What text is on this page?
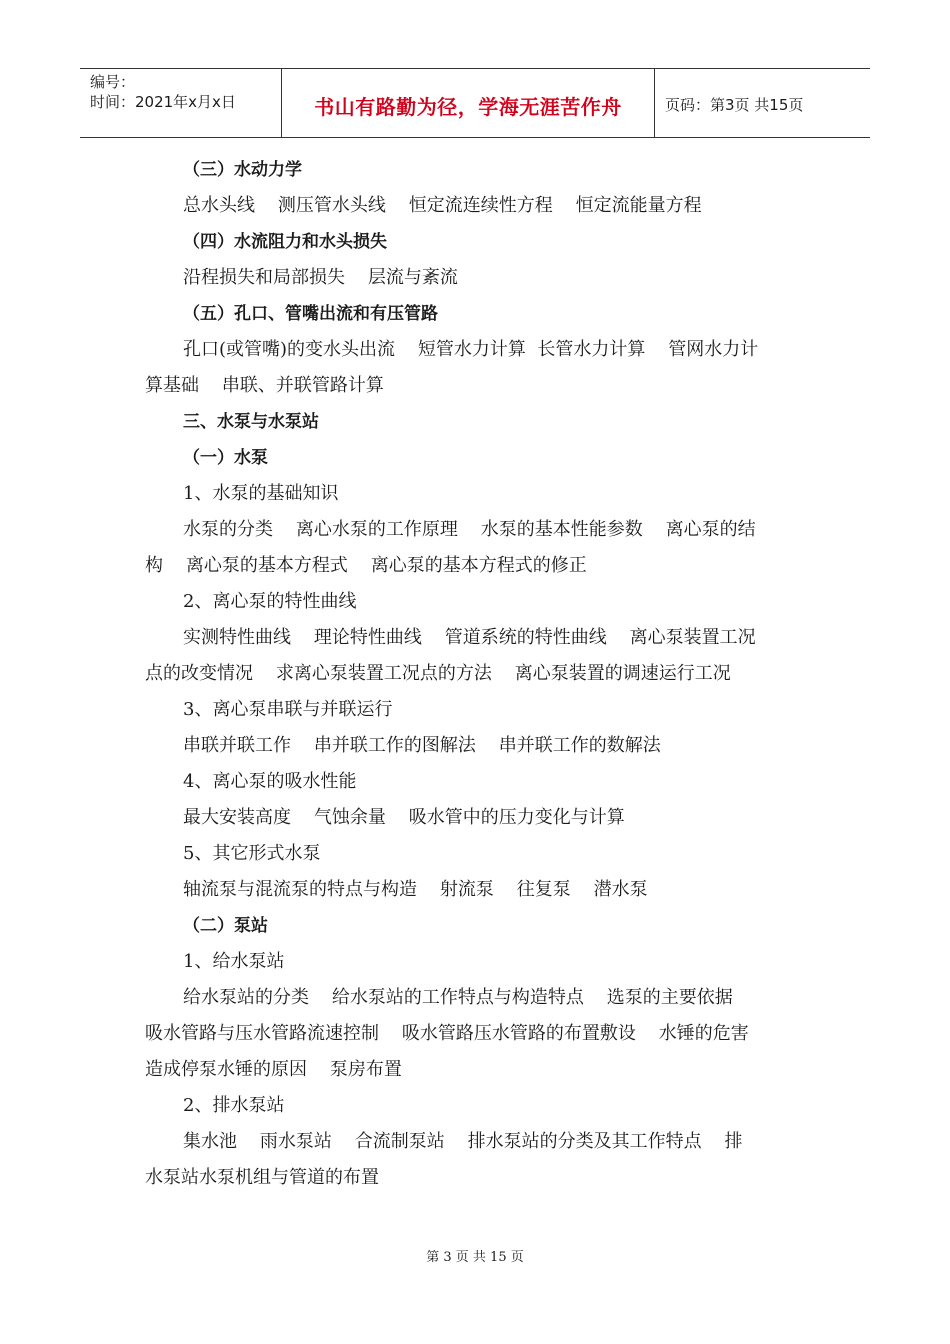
编号：
时间：2021年x月x日	书山有路勤为径，学海无涯苦作舟	页码：第3页 共15页
（三）水动力学
总水头线    测压管水头线    恒定流连续性方程    恒定流能量方程
（四）水流阻力和水头损失
沿程损失和局部损失    层流与紊流
（五）孔口、管嘴出流和有压管路
孔口(或管嘴)的变水头出流    短管水力计算  长管水力计算    管网水力计
算基础    串联、并联管路计算
三、水泵与水泵站
（一）水泵
1、水泵的基础知识
水泵的分类    离心水泵的工作原理    水泵的基本性能参数    离心泵的结
构    离心泵的基本方程式    离心泵的基本方程式的修正
2、离心泵的特性曲线
实测特性曲线    理论特性曲线    管道系统的特性曲线    离心泵装置工况
点的改变情况    求离心泵装置工况点的方法    离心泵装置的调速运行工况
3、离心泵串联与并联运行
串联并联工作    串并联工作的图解法    串并联工作的数解法
4、离心泵的吸水性能
最大安装高度    气蚀余量    吸水管中的压力变化与计算
5、其它形式水泵
轴流泵与混流泵的特点与构造    射流泵    往复泵    潜水泵
（二）泵站
1、给水泵站
给水泵站的分类    给水泵站的工作特点与构造特点    选泵的主要依据
吸水管路与压水管路流速控制    吸水管路压水管路的布置敷设    水锤的危害
造成停泵水锤的原因    泵房布置
2、排水泵站
集水池    雨水泵站    合流制泵站    排水泵站的分类及其工作特点    排
水泵站水泵机组与管道的布置
第 3 页 共 15 页
